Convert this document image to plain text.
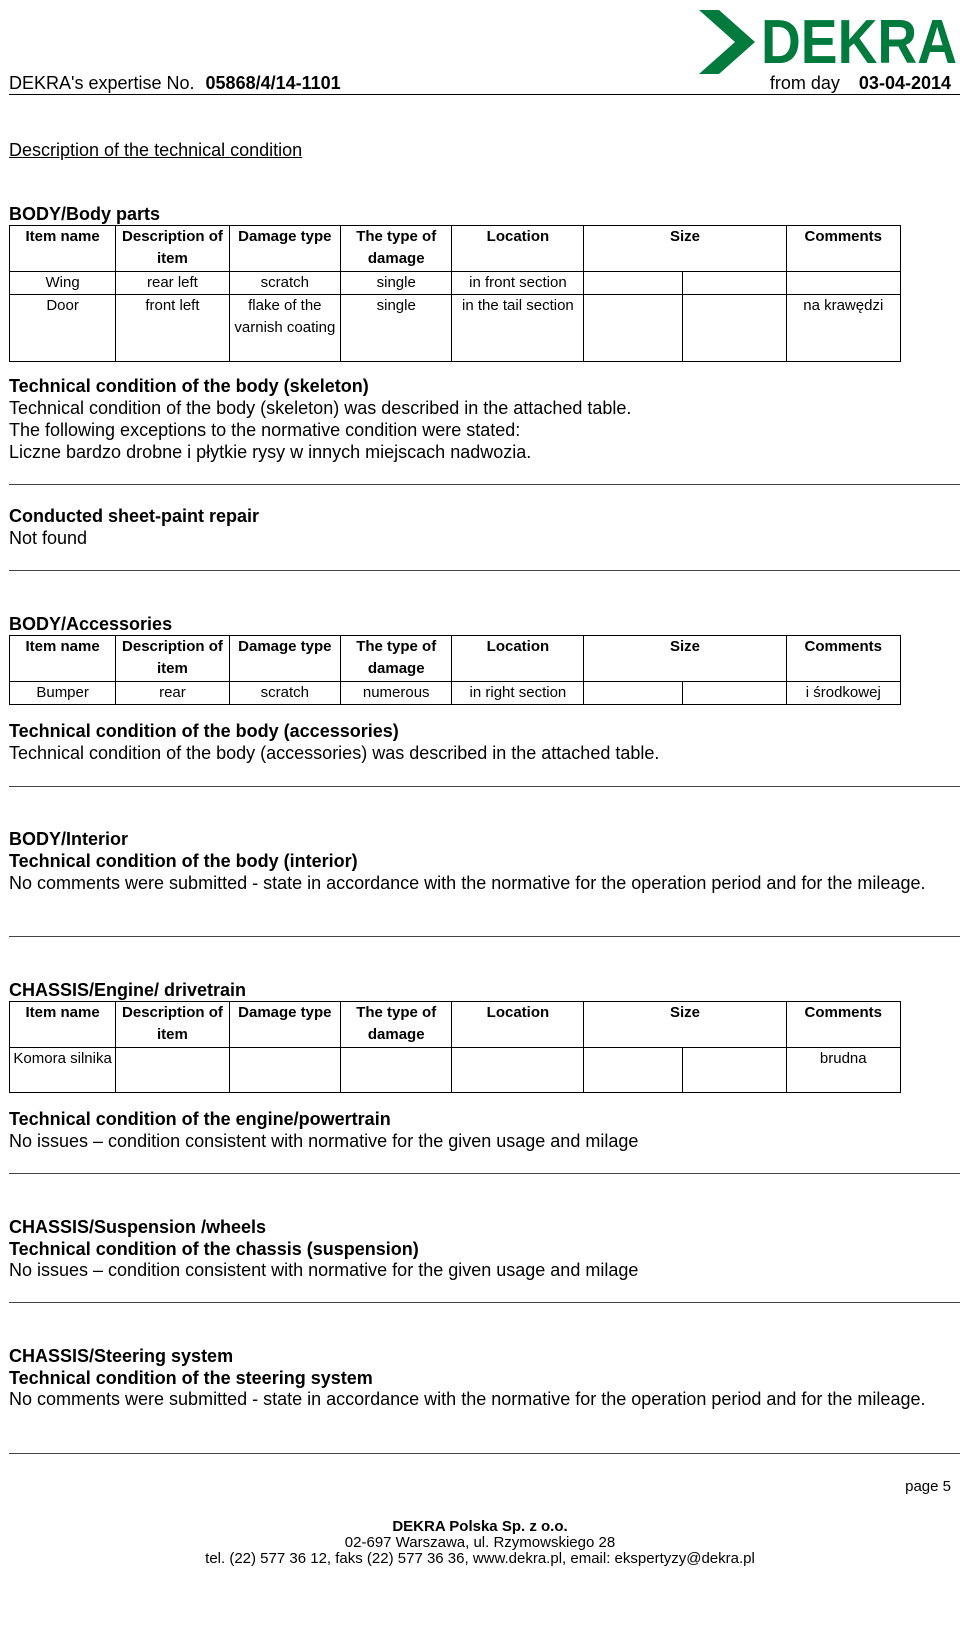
DEKRA
DEKRA's expertise No. 05868/4/14-1101	from day 03-04-2014
Description of the technical condition
BODY/Body parts
Item name	Description of item	Damage type	The type of damage	Location	Size	Comments
Wing	rear left	scratch	single	in front section	

Door	front left	flake of the varnish coating	single	in the tail section		na krawędzi
Technical condition of the body (skeleton)
Technical condition of the body (skeleton) was described in the attached table.
The following exceptions to the normative condition were stated:
Liczne bardzo drobne i płytkie rysy w innych miejscach nadwozia.
Conducted sheet-paint repair
Not found
BODY/Accessories
Item name	Description of item	Damage type	The type of damage	Location	Size	Comments
Bumper	rear	scratch	numerous	in right section		i środkowej
Technical condition of the body (accessories)
Technical condition of the body (accessories) was described in the attached table.
BODY/Interior
Technical condition of the body (interior)
No comments were submitted - state in accordance with the normative for the operation period and for the mileage.
CHASSIS/Engine/ drivetrain
Item name	Description of item	Damage type	The type of damage	Location	Size	Comments
Komora silnika						brudna
Technical condition of the engine/powertrain
No issues – condition consistent with normative for the given usage and milage
CHASSIS/Suspension /wheels
Technical condition of the chassis (suspension)
No issues – condition consistent with normative for the given usage and milage
CHASSIS/Steering system
Technical condition of the steering system
No comments were submitted - state in accordance with the normative for the operation period and for the mileage.
page 5
DEKRA Polska Sp. z o.o.
02-697 Warszawa, ul. Rzymowskiego 28
tel. (22) 577 36 12, faks (22) 577 36 36, www.dekra.pl, email: ekspertyzy@dekra.pl
